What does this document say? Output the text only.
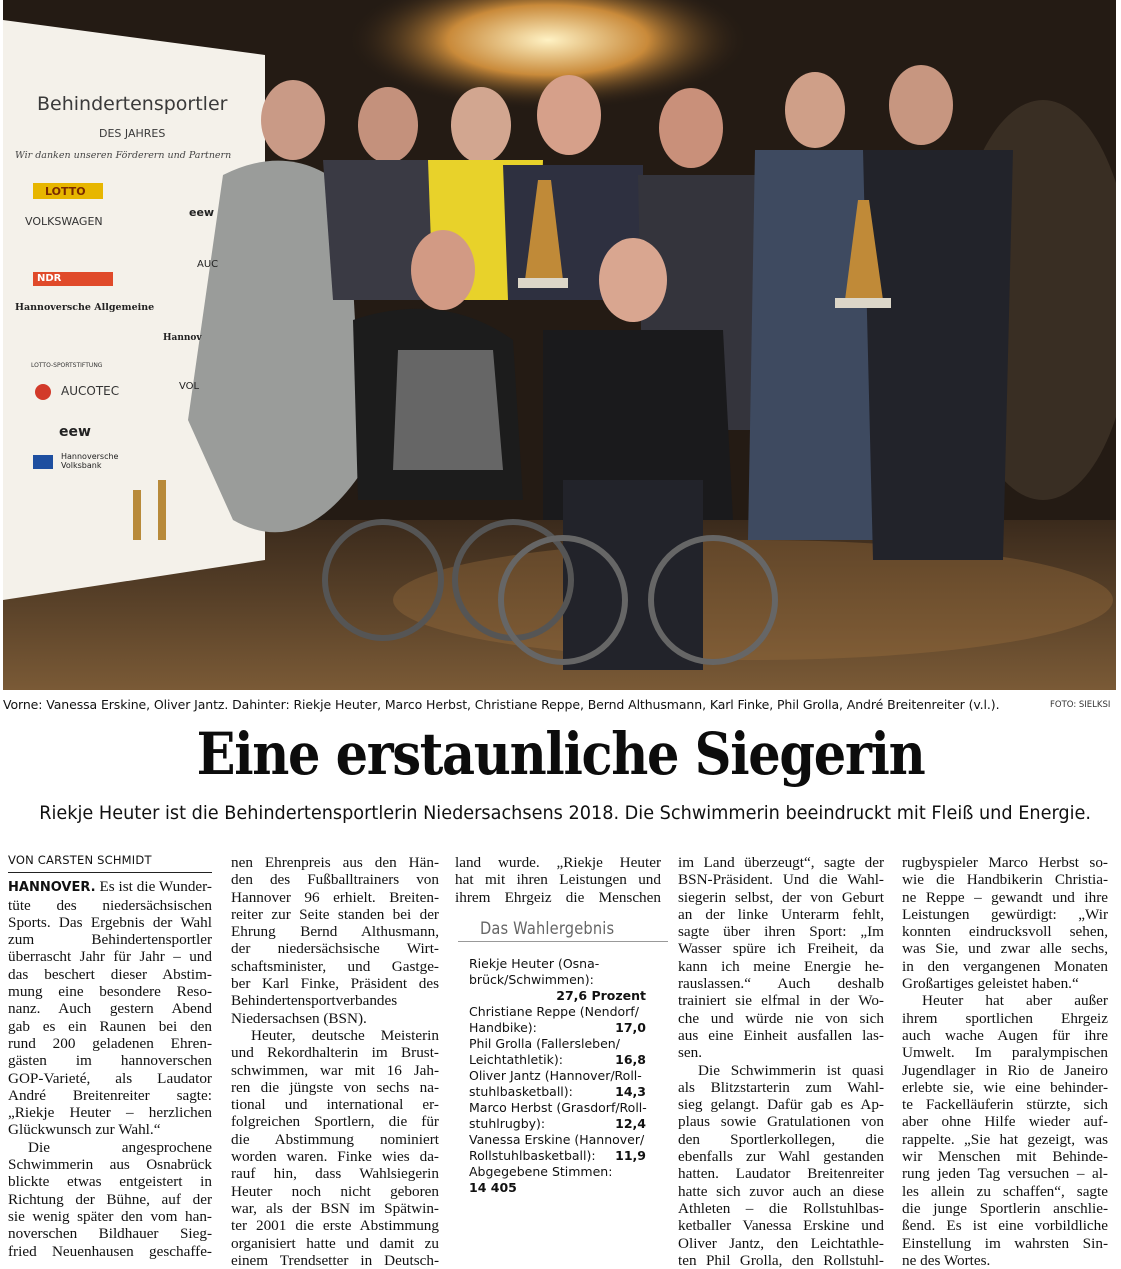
Behindertensportler
DES JAHRES
Wir danken unseren Förderern und Partnern
LOTTO
VOLKSWAGEN
NDR
Hannoversche Allgemeine
LOTTO-SPORTSTIFTUNG
AUCOTEC
eew
Hannoversche Volksbank
eew
AUC
Hannov
VOL
Vorne: Vanessa Erskine, Oliver Jantz. Dahinter: Riekje Heuter, Marco Herbst, Christiane Reppe, Bernd Althusmann, Karl Finke, Phil Grolla, André Breitenreiter (v.l.).	FOTO: SIELKSI
Eine erstaunliche Siegerin
Riekje Heuter ist die Behindertensportlerin Niedersachsens 2018. Die Schwimmerin beeindruckt mit Fleiß und Energie.
VON CARSTEN SCHMIDT
HANNOVER. Es ist die Wunder-
tüte des niedersächsischen
Sports. Das Ergebnis der Wahl
zum Behindertensportler
überrascht Jahr für Jahr – und
das beschert dieser Abstim-
mung eine besondere Reso-
nanz. Auch gestern Abend
gab es ein Raunen bei den
rund 200 geladenen Ehren-
gästen im hannoverschen
GOP-Varieté, als Laudator
André Breitenreiter sagte:
„Riekje Heuter – herzlichen
Glückwunsch zur Wahl.“
Die angesprochene
Schwimmerin aus Osnabrück
blickte etwas entgeistert in
Richtung der Bühne, auf der
sie wenig später den vom han-
noverschen Bildhauer Sieg-
fried Neuenhausen geschaffe-
nen Ehrenpreis aus den Hän-
den des Fußballtrainers von
Hannover 96 erhielt. Breiten-
reiter zur Seite standen bei der
Ehrung Bernd Althusmann,
der niedersächsische Wirt-
schaftsminister, und Gastge-
ber Karl Finke, Präsident des
Behindertensportverbandes
Niedersachsen (BSN).
Heuter, deutsche Meisterin
und Rekordhalterin im Brust-
schwimmen, war mit 16 Jah-
ren die jüngste von sechs na-
tional und international er-
folgreichen Sportlern, die für
die Abstimmung nominiert
worden waren. Finke wies da-
rauf hin, dass Wahlsiegerin
Heuter noch nicht geboren
war, als der BSN im Spätwin-
ter 2001 die erste Abstimmung
organisiert hatte und damit zu
einem Trendsetter in Deutsch-
land wurde. „Riekje Heuter
hat mit ihren Leistungen und
ihrem Ehrgeiz die Menschen
Das Wahlergebnis
Riekje Heuter (Osna-
brück/Schwimmen):
27,6 Prozent
Christiane Reppe (Nendorf/
Handbike):	17,0
Phil Grolla (Fallersleben/
Leichtathletik):	16,8
Oliver Jantz (Hannover/Roll-
stuhlbasketball):	14,3
Marco Herbst (Grasdorf/Roll-
stuhlrugby):	12,4
Vanessa Erskine (Hannover/
Rollstuhlbasketball): 11,9
Abgegebene Stimmen:
14 405
im Land überzeugt“, sagte der
BSN-Präsident. Und die Wahl-
siegerin selbst, der von Geburt
an der linke Unterarm fehlt,
sagte über ihren Sport: „Im
Wasser spüre ich Freiheit, da
kann ich meine Energie he-
rauslassen.“ Auch deshalb
trainiert sie elfmal in der Wo-
che und würde nie von sich
aus eine Einheit ausfallen las-
sen.
Die Schwimmerin ist quasi
als Blitzstarterin zum Wahl-
sieg gelangt. Dafür gab es Ap-
plaus sowie Gratulationen von
den Sportlerkollegen, die
ebenfalls zur Wahl gestanden
hatten. Laudator Breitenreiter
hatte sich zuvor auch an diese
Athleten – die Rollstuhlbas-
ketballer Vanessa Erskine und
Oliver Jantz, den Leichtathle-
ten Phil Grolla, den Rollstuhl-
rugbyspieler Marco Herbst so-
wie die Handbikerin Christia-
ne Reppe – gewandt und ihre
Leistungen gewürdigt: „Wir
konnten eindrucksvoll sehen,
was Sie, und zwar alle sechs,
in den vergangenen Monaten
Großartiges geleistet haben.“
Heuter hat aber außer
ihrem sportlichen Ehrgeiz
auch wache Augen für ihre
Umwelt. Im paralympischen
Jugendlager in Rio de Janeiro
erlebte sie, wie eine behinder-
te Fackelläuferin stürzte, sich
aber ohne Hilfe wieder auf-
rappelte. „Sie hat gezeigt, was
wir Menschen mit Behinde-
rung jeden Tag versuchen – al-
les allein zu schaffen“, sagte
die junge Sportlerin anschlie-
ßend. Es ist eine vorbildliche
Einstellung im wahrsten Sin-
ne des Wortes.
